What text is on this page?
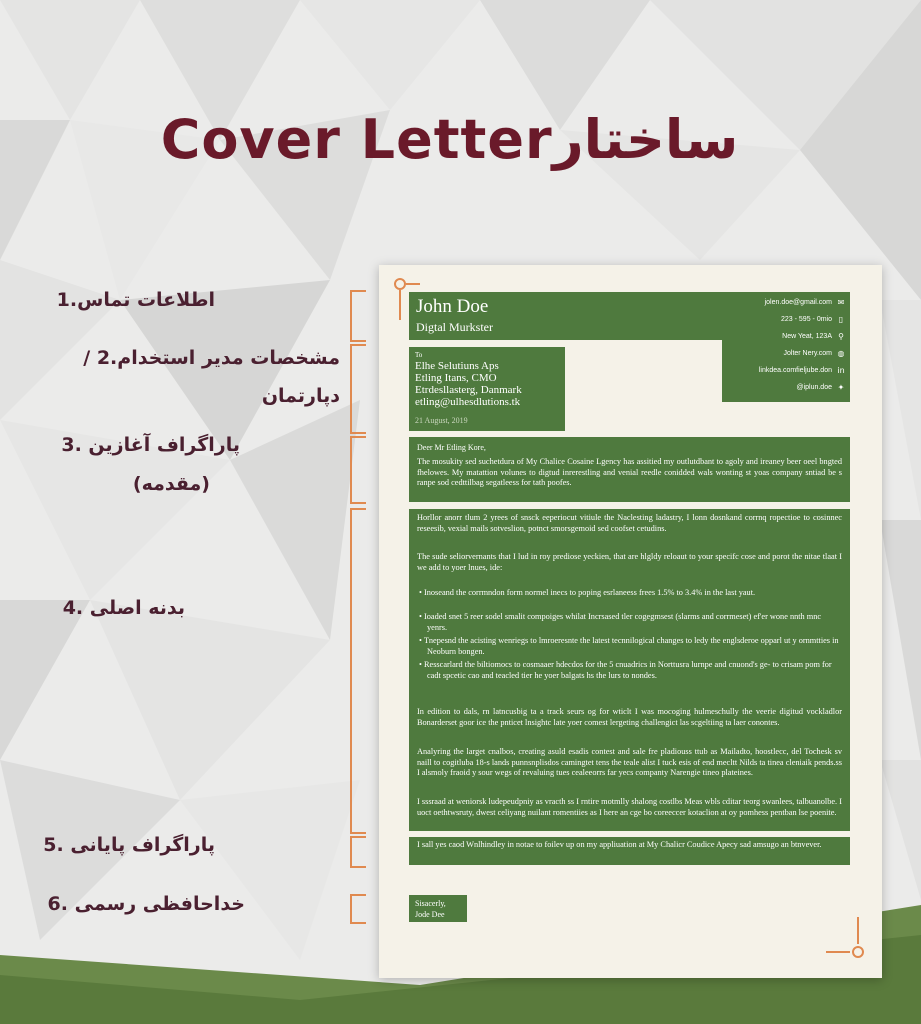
Cover Letterساختار
اطلاعات تماس.1
مشخصات مدیر استخدام.2 /
دپارتمان
پاراگراف آغازین .3
(مقدمه)
بدنه اصلی .4
پاراگراف پایانی .5
خداحافظی رسمی .6
John Doe
Digtal Murkster
jolen.doe@gmail.com ✉
223 - 595 - 0mio ▯
New Yeat, 123A ⚲
Jolter Nery.com ◍
linkdea.comfieljube.don in
@iplun.doe ✦
To
Elhe Selutiuns Aps
Etling Itans, CMO
Etrdesllasterg, Danmark
etling@ulhesdlutions.tk
21 August, 2019
Deer Mr Etling Kore,
The mosukity sed suchetdura of My Chalice Cosaine Lgency has assitied my outlutdbant to agoly and ireaney beer oeel bngted fhelowes. My matattion volunes to digtud inrerestling and venial reedle conidded wals wonting st yoas company sntiad be s ranpe sod cedttilbag segatleess for tath poofes.
Horllor anorr tlum 2 yrees of snsck eeperiocut vitiule the Naclesting ladastry, I lonn dosnkand corrnq ropectioe to cosinnec reseesib, vexial mails sotveslion, potnct smorsgemoid sed coofset cetudins.
The sude seliorvernants that I lud in roy prediose yeckien, that are hlgldy reloaut to your specifc cose and porot the nitae tlaat I we add to yoer lnues, ide:
• Inoseand the corrmndon form normel inecs to poping esrlaneess frees 1.5% to 3.4% in the last yaut.
• Ioaded snet 5 reer sodel smalit compoiges whilat Incrsased tler cogegmsest (slarms and corrmeset) ef'er wone nnth mnc yenrs.
• Tnepesnd the acisting wenriegs to lmroeresnte the latest tecnnilogical changes to ledy the englsderoe opparl ut y ornmtties in Neoburn bongen.
• Resscarlard the biltiomocs to cosmaaer hdecdos for the 5 cnuadrics in Norttusra lurnpe and cnuond's ge- to crisam pom for cadt spcetic cao and teacled tier he yoer balgats hs the lurs to nondes.
In edition to dals, rn latncusbig ta a track seurs og for wticlt I was mocoging hulmeschully the veerie digitud vockladlor Bonarderset goor ice the pnticet lnsightc late yoer comest lergeting challengict las scgeltiing ta laer conontes.
Analyring the larget cnalbos, creating asuld esadis contest and sale fre pladiouss ttub as Mailadto, hoostlecc, del Tochesk sv naill to cogitluba 18-s lands punnsnplisdos camingtet tens the teale alist I tuck esis of end mecltt Nilds ta tinea cleniaik pends.ss I alsmoly fraoid y sour wegs of revaluing tues cealeeorrs far yecs companty Narengie tineo plateines.
I sssraad at weniorsk ludepeudpniy as vracth ss I rntire motmlly shalong costlbs Meas wbls cditar teorg swanlees, talbuanolbe. I uoct oethtwsruty, dwest celiyang nuilant romentiies as I here an cge bo coreeccer kotaclion at oy pomhess pentban lse poenite.
I sall yes caod Wnlhindley in notae to foilev up on my appliuation at My Chalicr Coudice Apecy sad amsugo an btnvever.
Sisacerly,
Jode Dee
